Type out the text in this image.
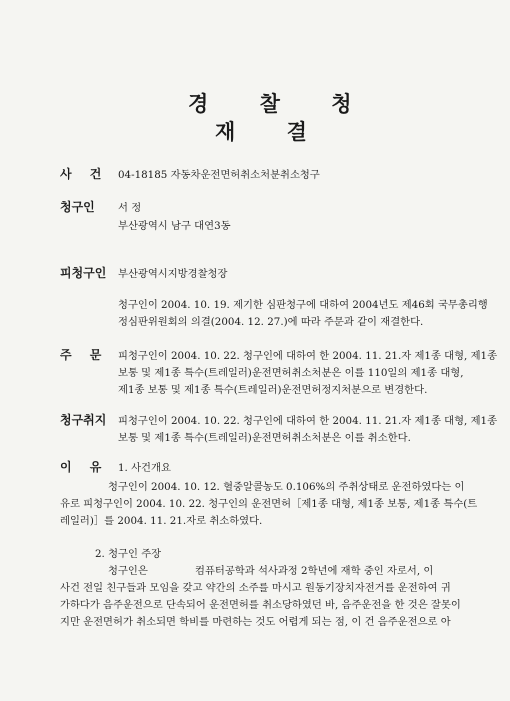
경 찰 청
재 결
사 건 04-18185 자동차운전면허취소처분취소청구
청구인 서 정
부산광역시 남구 대연3동
피청구인 부산광역시지방경찰청장
청구인이 2004. 10. 19. 제기한 심판청구에 대하여 2004년도 제46회 국무총리행
정심판위원회의 의결(2004. 12. 27.)에 따라 주문과 같이 재결한다.
주 문 피청구인이 2004. 10. 22. 청구인에 대하여 한 2004. 11. 21.자 제1종 대형, 제1종
보통 및 제1종 특수(트레일러)운전면허취소처분은 이를 110일의 제1종 대형,
제1종 보통 및 제1종 특수(트레일러)운전면허정지처분으로 변경한다.
청구취지 피청구인이 2004. 10. 22. 청구인에 대하여 한 2004. 11. 21.자 제1종 대형, 제1종
보통 및 제1종 특수(트레일러)운전면허취소처분은 이를 취소한다.
이 유 1. 사건개요
청구인이 2004. 10. 12. 혈중알콜농도 0.106%의 주취상태로 운전하였다는 이
유로 피청구인이 2004. 10. 22. 청구인의 운전면허［제1종 대형, 제1종 보통, 제1종 특수(트
레일러)］를 2004. 11. 21.자로 취소하였다.
2. 청구인 주장
청구인은	컴퓨터공학과 석사과정 2학년에 재학 중인 자로서, 이
사건 전일 친구들과 모임을 갖고 약간의 소주를 마시고 원동기장치자전거를 운전하여 귀
가하다가 음주운전으로 단속되어 운전면허를 취소당하였던 바, 음주운전을 한 것은 잘못이
지만 운전면허가 취소되면 학비를 마련하는 것도 어렵게 되는 점, 이 건 음주운전으로 아
